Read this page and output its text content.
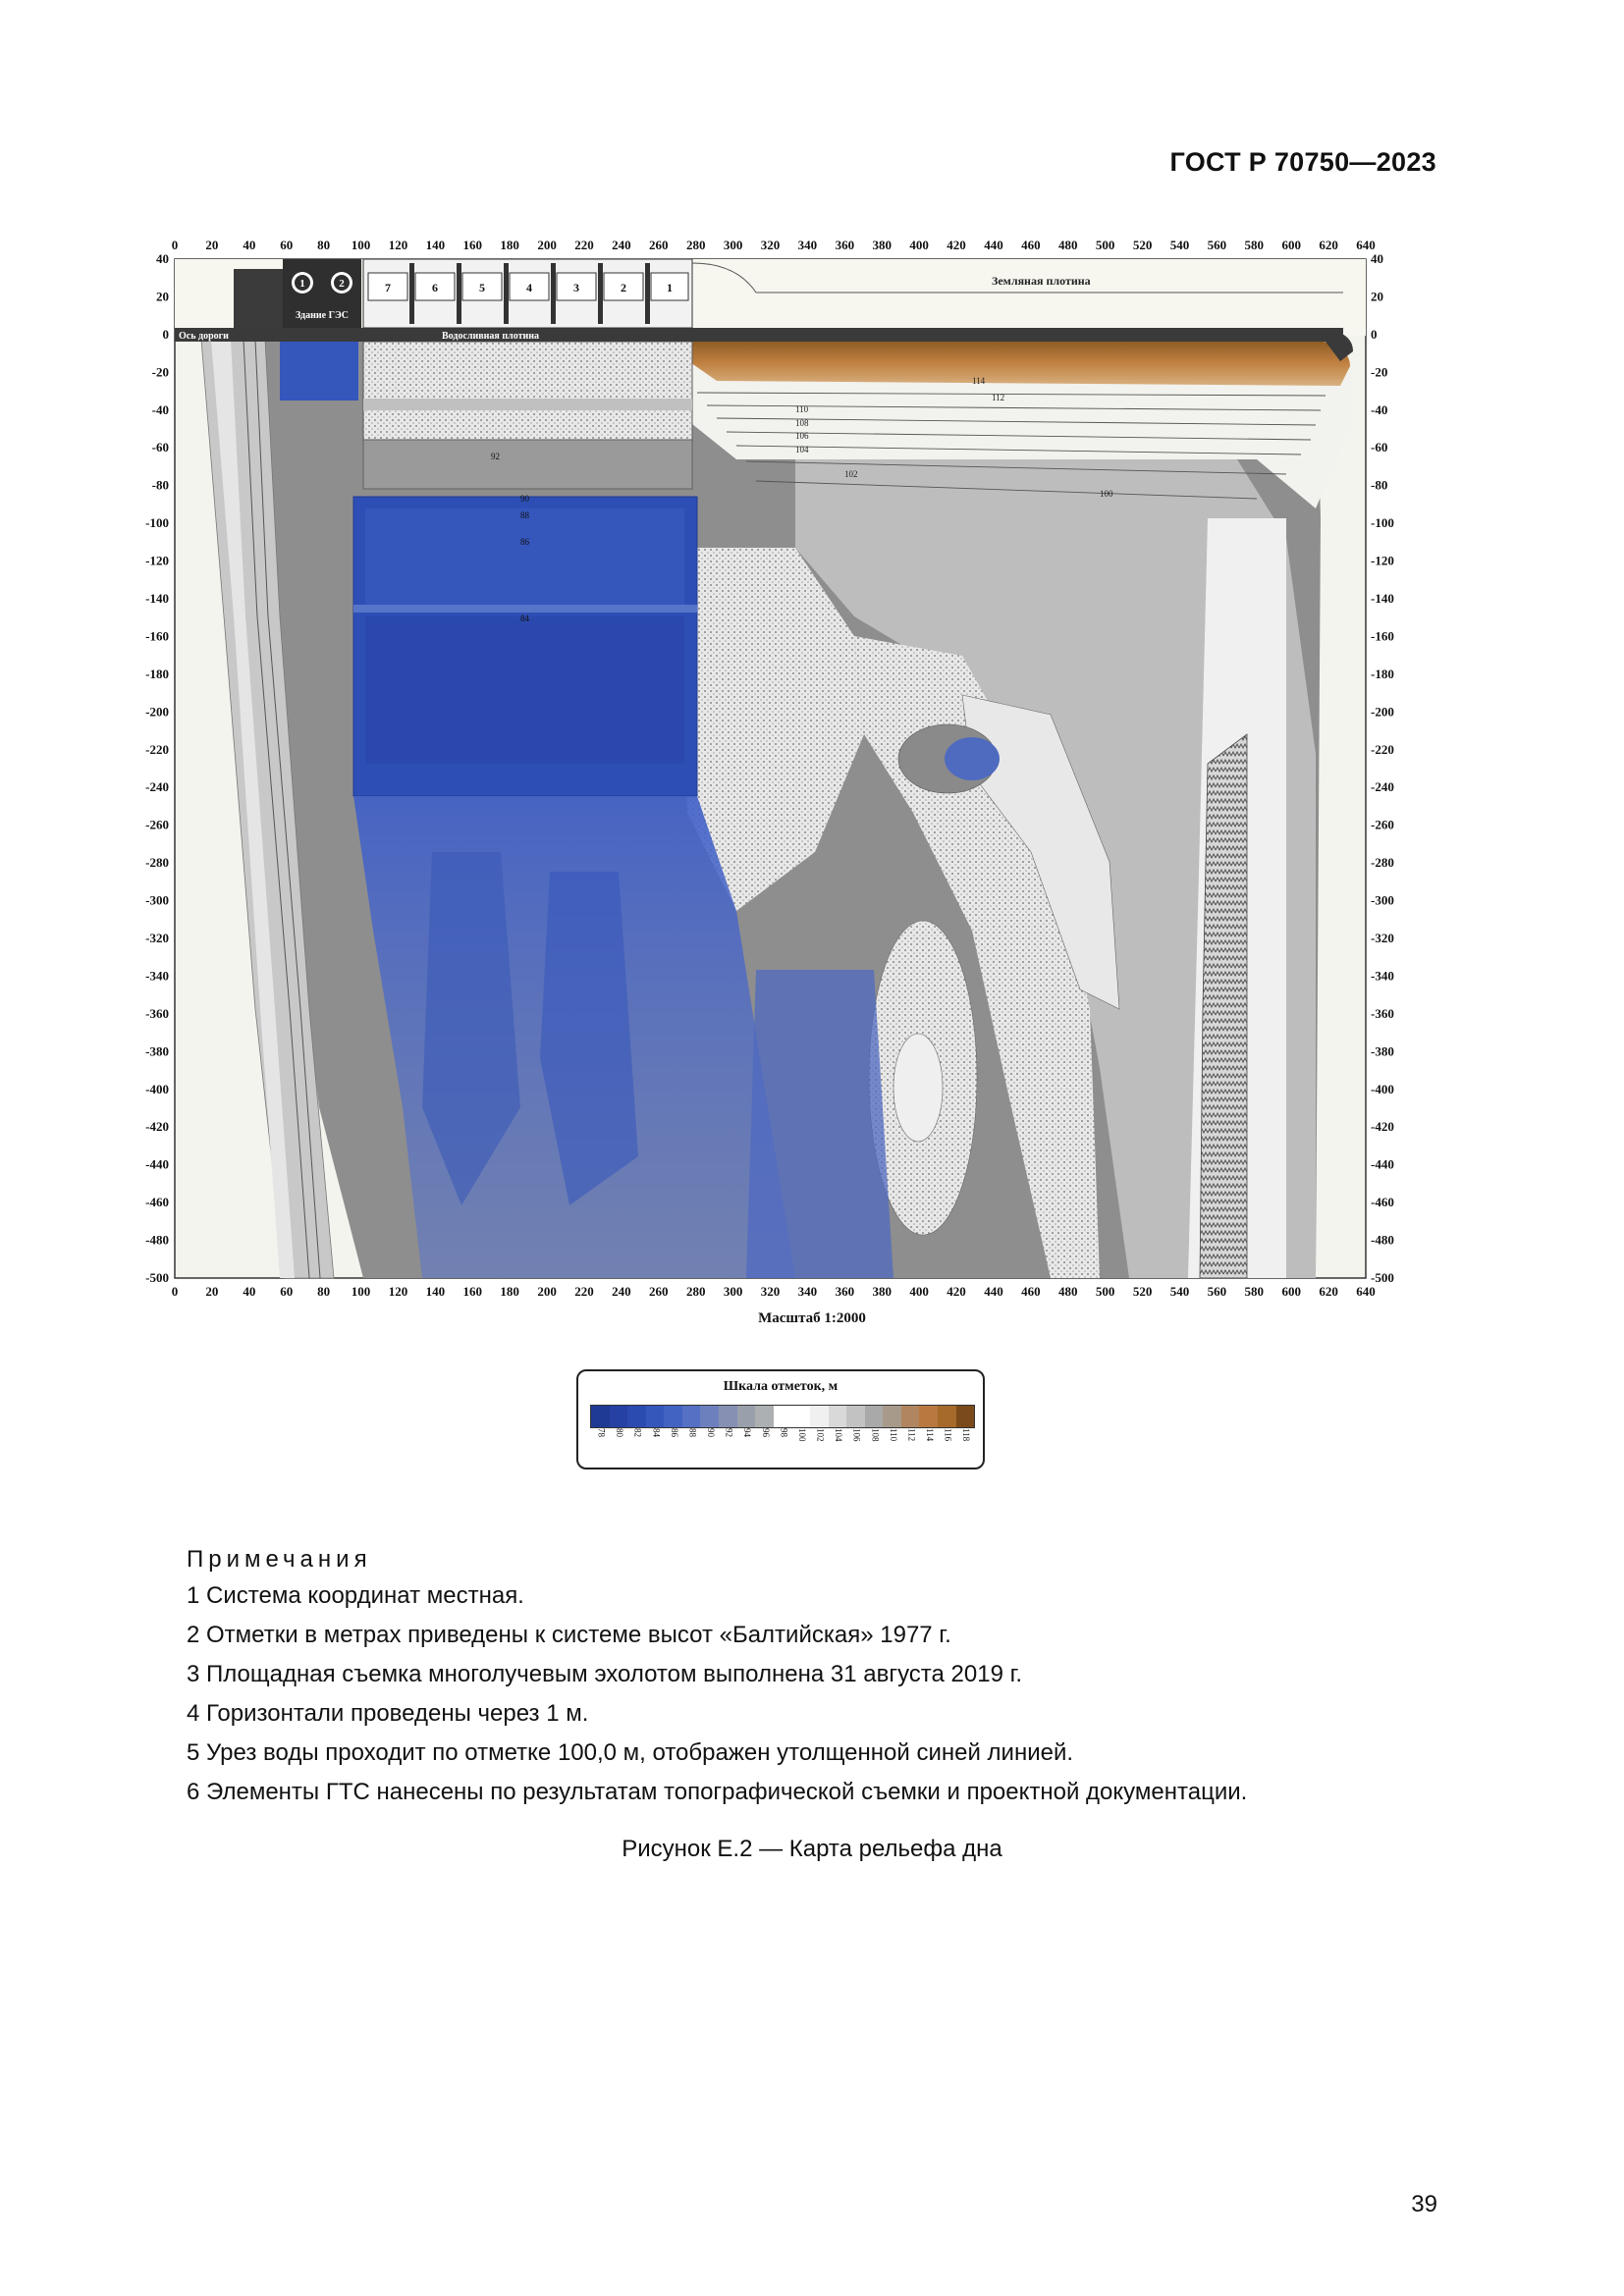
ГОСТ Р 70750—2023
114
112
110
108
106
104
102
100
90
88
86
84
92
Ось дороги	Водосливная плотина
1	2
Здание ГЭС
7	6	5	4	3	2	1	Земляная плотина
0 20 40 60 80 100 120 140 160 180 200 220 240 260 280 300 320 340 360 380 400 420 440 460 480 500 520 540 560 580 600 620 640
0 20 40 60 80 100 120 140 160 180 200 220 240 260 280 300 320 340 360 380 400 420 440 460 480 500 520 540 560 580 600 620 640
40
20
0
-20
-40
-60
-80
-100
-120
-140
-160
-180
-200
-220
-240
-260
-280
-300
-320
-340
-360
-380
-400
-420
-440
-460
-480
-500
40
20
0
-20
-40
-60
-80
-100
-120
-140
-160
-180
-200
-220
-240
-260
-280
-300
-320
-340
-360
-380
-400
-420
-440
-460
-480
-500
Масштаб 1:2000
Шкала отметок, м
78 80 82 84 86 88 90 92 94 96 98 100 102 104 106 108 110 112 114 116 118
Примечания

1 Система координат местная.

2 Отметки в метрах приведены к системе высот «Балтийская» 1977 г.

3 Площадная съемка многолучевым эхолотом выполнена 31 августа 2019 г.

4 Горизонтали проведены через 1 м.

5 Урез воды проходит по отметке 100,0 м, отображен утолщенной синей линией.

6 Элементы ГТС нанесены по результатам топографической съемки и проектной документации.

Рисунок Е.2 — Карта рельефа дна
39
